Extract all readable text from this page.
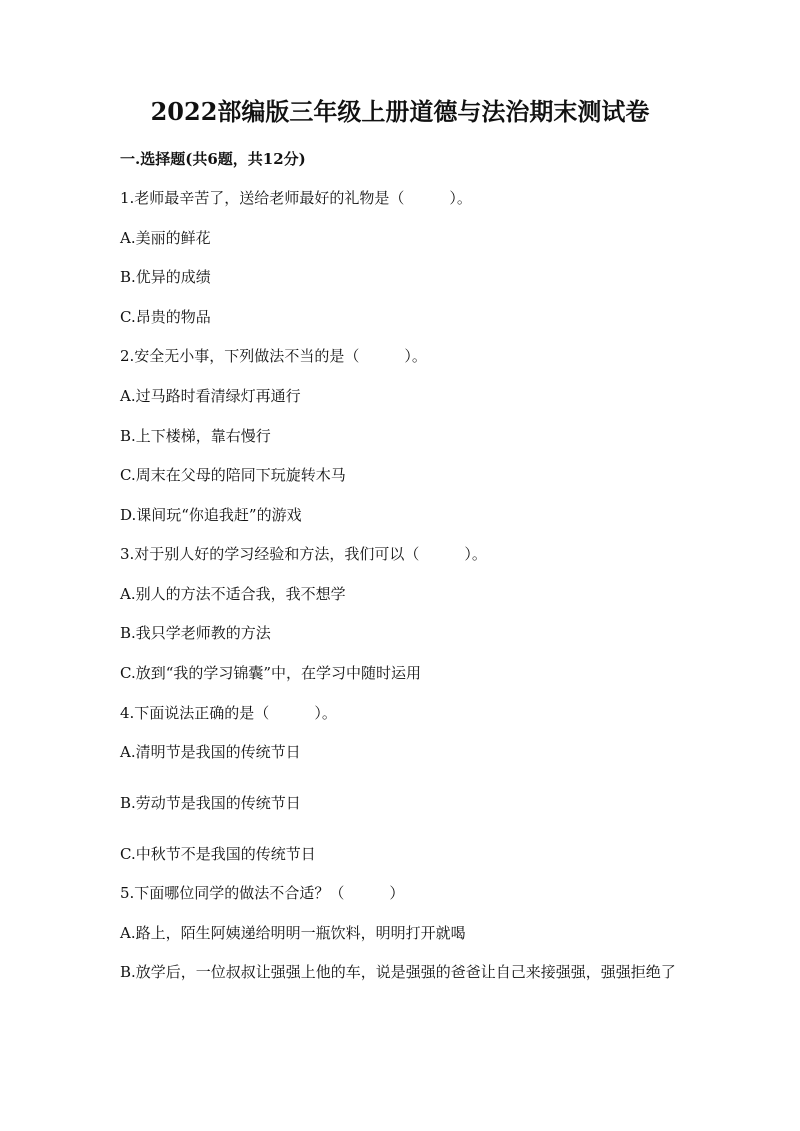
2022部编版三年级上册道德与法治期末测试卷
一.选择题(共6题，共12分)
1.老师最辛苦了，送给老师最好的礼物是（　　　）。
A.美丽的鲜花
B.优异的成绩
C.昂贵的物品
2.安全无小事，下列做法不当的是（　　　）。
A.过马路时看清绿灯再通行
B.上下楼梯，靠右慢行
C.周末在父母的陪同下玩旋转木马
D.课间玩“你追我赶”的游戏
3.对于别人好的学习经验和方法，我们可以（　　　）。
A.别人的方法不适合我，我不想学
B.我只学老师教的方法
C.放到“我的学习锦囊”中，在学习中随时运用
4.下面说法正确的是（　　　）。
A.清明节是我国的传统节日
B.劳动节是我国的传统节日
C.中秋节不是我国的传统节日
5.下面哪位同学的做法不合适？（　　　）
A.路上，陌生阿姨递给明明一瓶饮料，明明打开就喝
B.放学后，一位叔叔让强强上他的车，说是强强的爸爸让自己来接强强，强强拒绝了
